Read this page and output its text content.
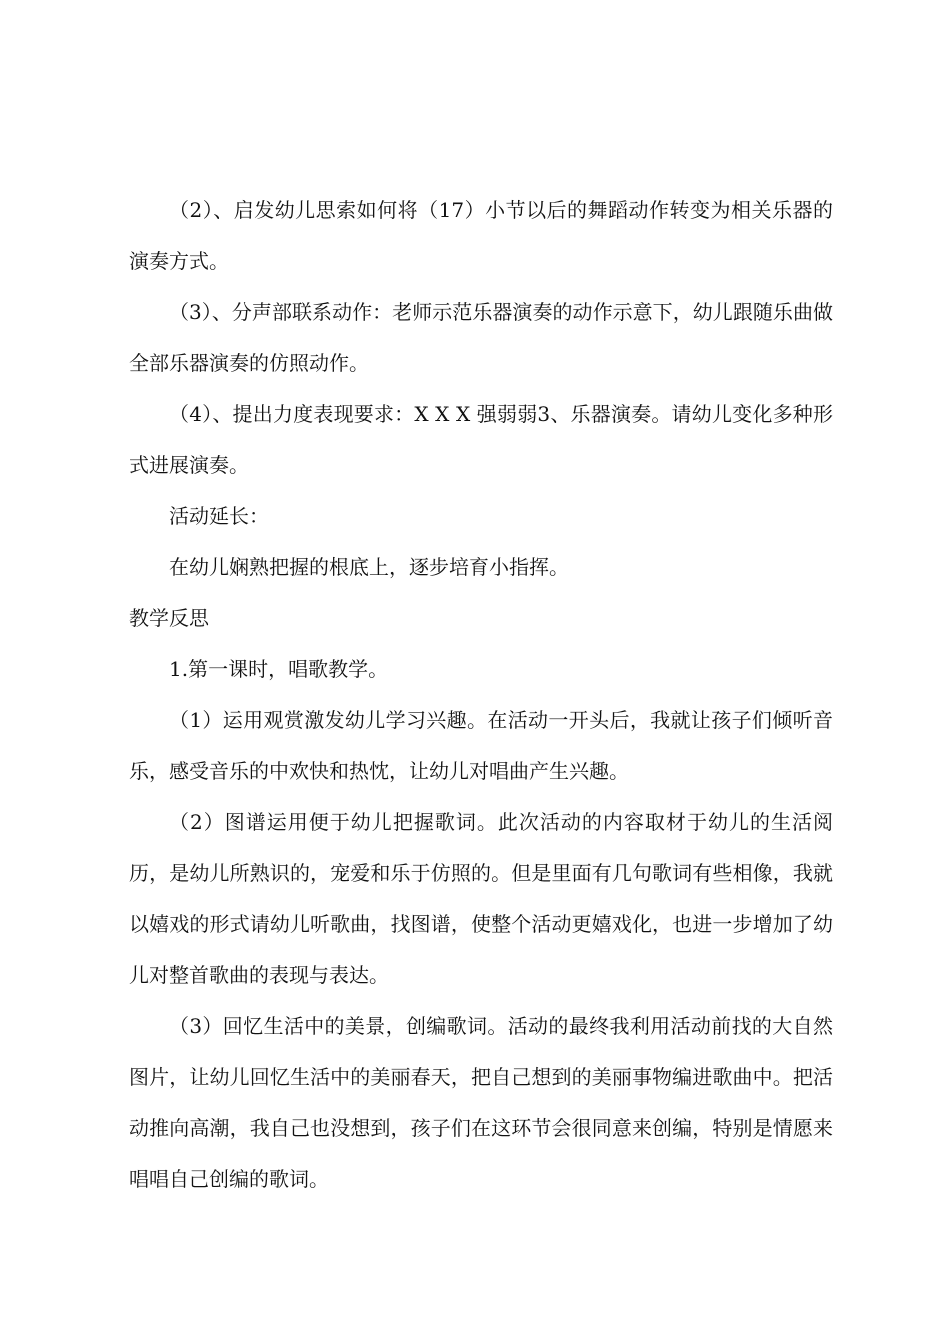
（2）、启发幼儿思索如何将（17）小节以后的舞蹈动作转变为相关乐器的演奏方式。

（3）、分声部联系动作：老师示范乐器演奏的动作示意下，幼儿跟随乐曲做全部乐器演奏的仿照动作。

（4）、提出力度表现要求：X X X 强弱弱3、乐器演奏。请幼儿变化多种形式进展演奏。

活动延长：

在幼儿娴熟把握的根底上，逐步培育小指挥。

教学反思

1.第一课时，唱歌教学。

（1）运用观赏激发幼儿学习兴趣。在活动一开头后，我就让孩子们倾听音乐，感受音乐的中欢快和热忱，让幼儿对唱曲产生兴趣。

（2）图谱运用便于幼儿把握歌词。此次活动的内容取材于幼儿的生活阅历，是幼儿所熟识的，宠爱和乐于仿照的。但是里面有几句歌词有些相像，我就以嬉戏的形式请幼儿听歌曲，找图谱，使整个活动更嬉戏化，也进一步增加了幼儿对整首歌曲的表现与表达。

（3）回忆生活中的美景，创编歌词。活动的最终我利用活动前找的大自然图片，让幼儿回忆生活中的美丽春天，把自己想到的美丽事物编进歌曲中。把活动推向高潮，我自己也没想到，孩子们在这环节会很同意来创编，特别是情愿来唱唱自己创编的歌词。
